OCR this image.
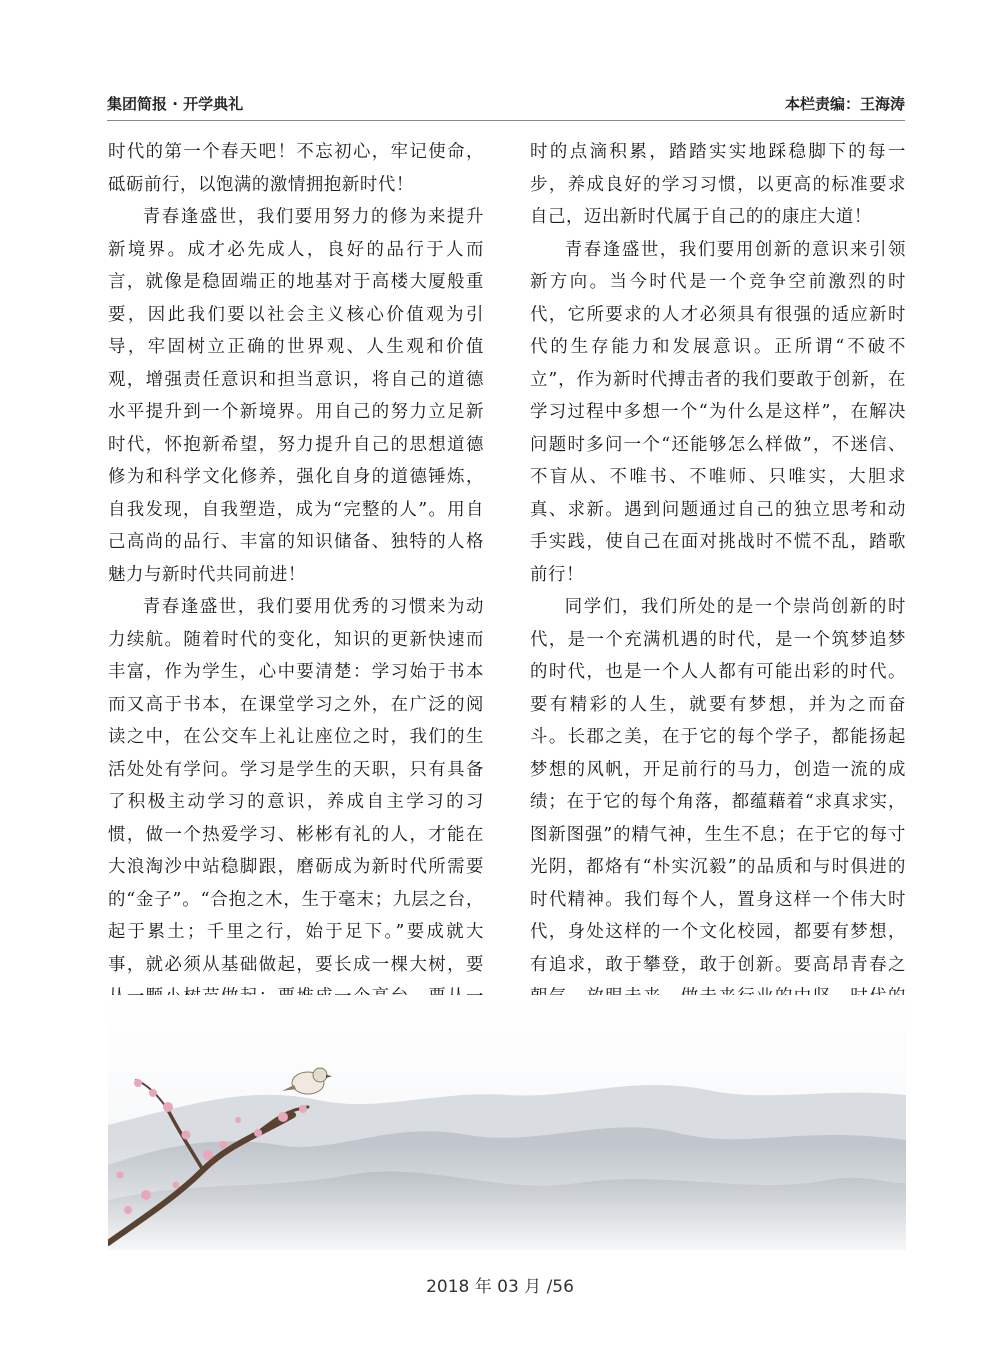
集团简报 · 开学典礼	本栏责编：王海涛

时代的第一个春天吧！不忘初心，牢记使命，砥砺前行，以饱满的激情拥抱新时代！

青春逢盛世，我们要用努力的修为来提升新境界。成才必先成人，良好的品行于人而言，就像是稳固端正的地基对于高楼大厦般重要，因此我们要以社会主义核心价值观为引导，牢固树立正确的世界观、人生观和价值观，增强责任意识和担当意识，将自己的道德水平提升到一个新境界。用自己的努力立足新时代，怀抱新希望，努力提升自己的思想道德修为和科学文化修养，强化自身的道德锤炼，自我发现，自我塑造，成为“完整的人”。用自己高尚的品行、丰富的知识储备、独特的人格魅力与新时代共同前进！

青春逢盛世，我们要用优秀的习惯来为动力续航。随着时代的变化，知识的更新快速而丰富，作为学生，心中要清楚：学习始于书本而又高于书本，在课堂学习之外，在广泛的阅读之中，在公交车上礼让座位之时，我们的生活处处有学问。学习是学生的天职，只有具备了积极主动学习的意识，养成自主学习的习惯，做一个热爱学习、彬彬有礼的人，才能在大浪淘沙中站稳脚跟，磨砺成为新时代所需要的“金子”。“合抱之木，生于毫末；九层之台，起于累土；千里之行，始于足下。”要成就大事，就必须从基础做起，要长成一棵大树，要

时的点滴积累，踏踏实实地踩稳脚下的每一步，养成良好的学习习惯，以更高的标准要求自己，迈出新时代属于自己的的康庄大道！

青春逢盛世，我们要用创新的意识来引领新方向。当今时代是一个竞争空前激烈的时代，它所要求的人才必须具有很强的适应新时代的生存能力和发展意识。正所谓“不破不立”，作为新时代搏击者的我们要敢于创新，在学习过程中多想一个“为什么是这样”，在解决问题时多问一个“还能够怎么样做”，不迷信、不盲从、不唯书、不唯师、只唯实，大胆求真、求新。遇到问题通过自己的独立思考和动手实践，使自己在面对挑战时不慌不乱，踏歌前行！

同学们，我们所处的是一个崇尚创新的时代，是一个充满机遇的时代，是一个筑梦追梦的时代，也是一个人人都有可能出彩的时代。要有精彩的人生，就要有梦想，并为之而奋斗。长郡之美，在于它的每个学子，都能扬起梦想的风帆，开足前行的马力，创造一流的成绩；在于它的每个角落，都蕴藉着“求真求实，图新图强”的精气神，生生不息；在于它的每寸光阴，都烙有“朴实沉毅”的品质和与时俱进的时代精神。我们每个人，置身这样一个伟大时代，身处这样的一个文化校园，都要有梦想，有追求，敢于攀登，敢于创新。要高昂青春之

2018 年 03 月 /56
